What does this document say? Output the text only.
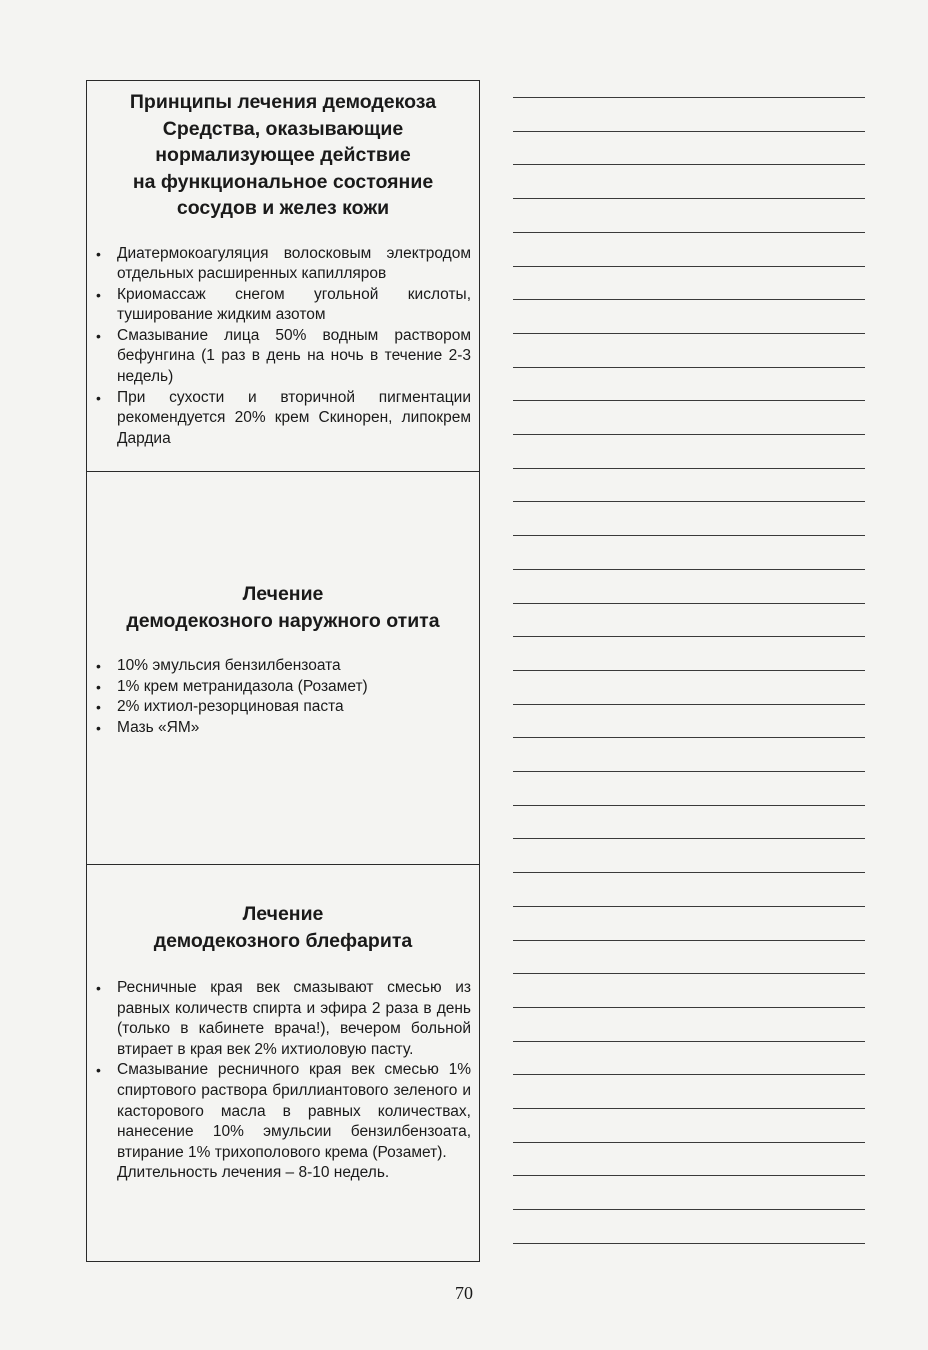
Принципы лечения демодекоза
Средства, оказывающие
нормализующее действие
на функциональное состояние
сосудов и желез кожи
• Диатермокоагуляция волосковым электродом отдельных расширенных капилляров
• Криомассаж снегом угольной кислоты, туширование жидким азотом
• Смазывание лица 50% водным раствором бефунгина (1 раз в день на ночь в течение 2-3 недель)
• При сухости и вторичной пигментации рекомендуется 20% крем Скинорен, липокрем Дардиа
Лечение
демодекозного наружного отита
• 10% эмульсия бензилбензоата
• 1% крем метранидазола (Розамет)
• 2% ихтиол-резорциновая паста
• Мазь «ЯМ»
Лечение
демодекозного блефарита
• Ресничные края век смазывают смесью из равных количеств спирта и эфира 2 раза в день (только в кабинете врача!), вечером больной втирает в края век 2% ихтиоловую пасту.
• Смазывание ресничного края век смесью 1% спиртового раствора бриллиантового зеленого и касторового масла в равных количествах, нанесение 10% эмульсии бензилбензоата, втирание 1% трихополового крема (Розамет).
Длительность лечения – 8-10 недель.
70
